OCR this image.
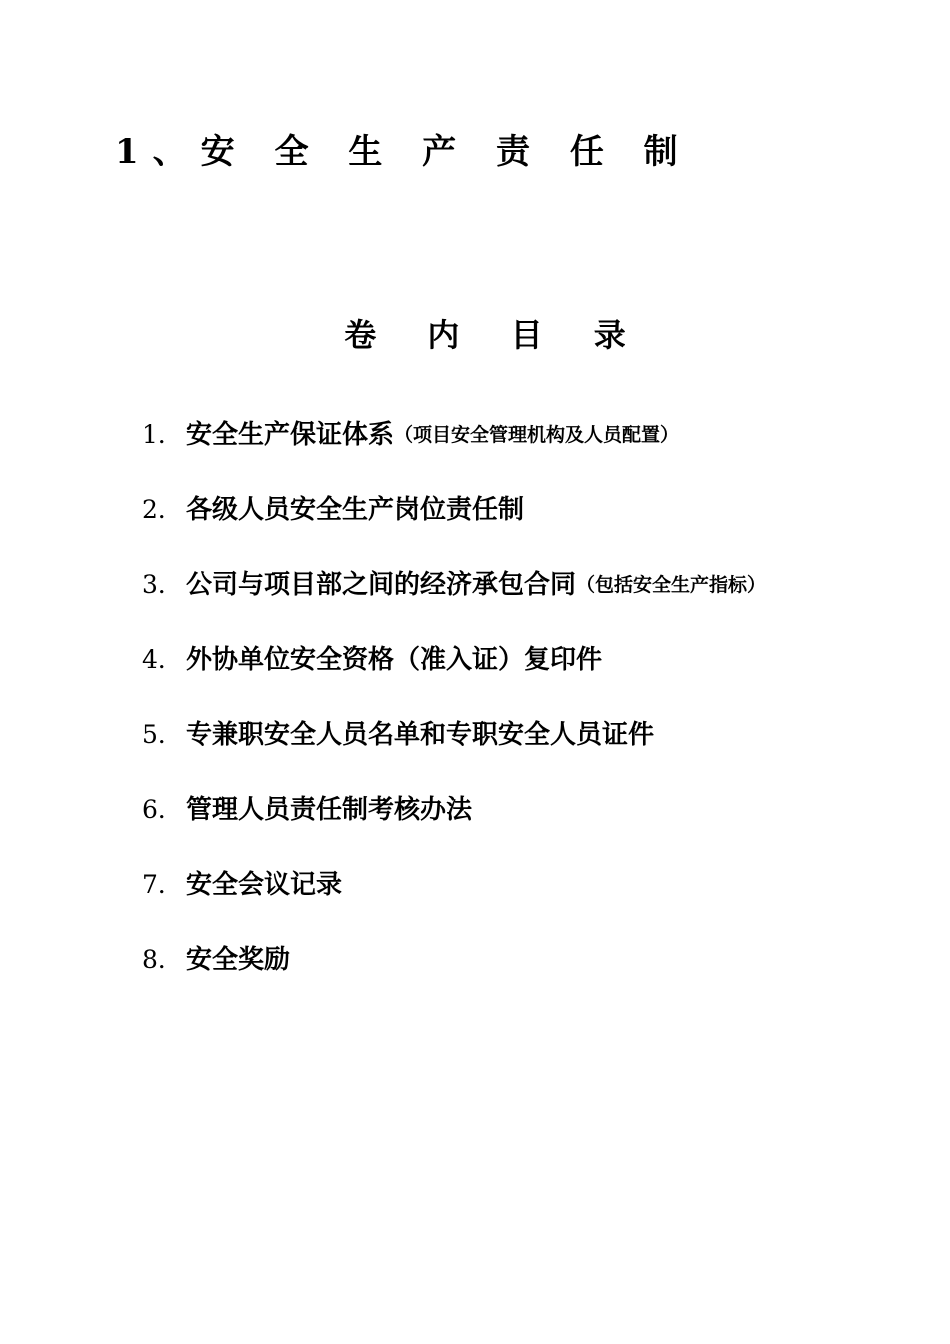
1、安 全 生 产 责 任 制
卷 内 目 录
1． 安全生产保证体系 （项目安全管理机构及人员配置）
2． 各级人员安全生产岗位责任制
3． 公司与项目部之间的经济承包合同 （包括安全生产指标）
4． 外协单位安全资格（准入证）复印件
5． 专兼职安全人员名单和专职安全人员证件
6． 管理人员责任制考核办法
7． 安全会议记录
8． 安全奖励
